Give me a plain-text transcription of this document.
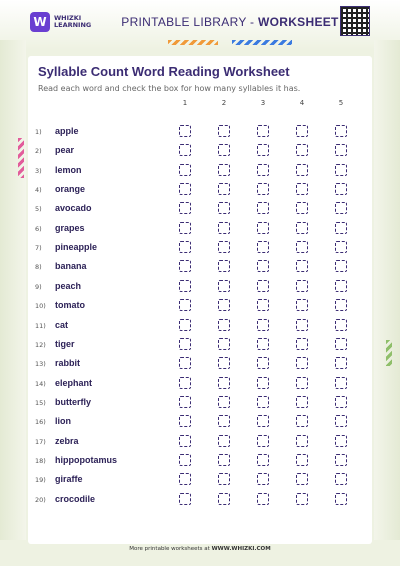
W	WHIZKI
LEARNING	PRINTABLE LIBRARY - WORKSHEET
Syllable Count Word Reading Worksheet
Read each word and check the box for how many syllables it has.
1	2	3	4	5
1) apple
2) pear
3) lemon
4) orange
5) avocado
6) grapes
7) pineapple
8) banana
9) peach
10) tomato
11) cat
12) tiger
13) rabbit
14) elephant
15) butterfly
16) lion
17) zebra
18) hippopotamus
19) giraffe
20) crocodile
More printable worksheets at WWW.WHIZKI.COM
